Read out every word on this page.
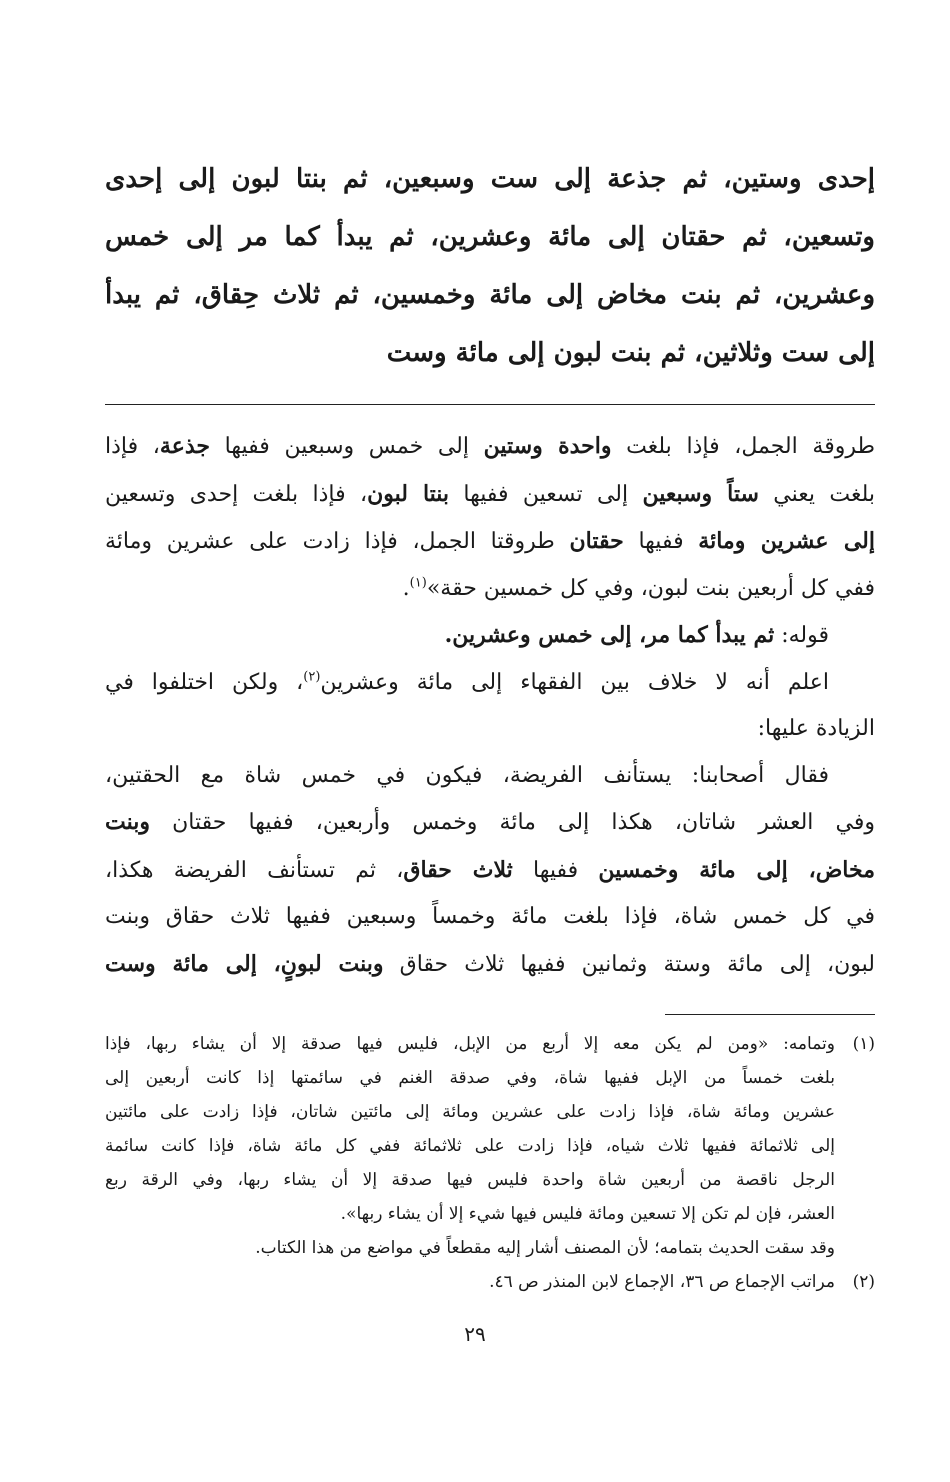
إحدى وستين، ثم جذعة إلى ست وسبعين، ثم بنتا لبون إلى إحدى
وتسعين، ثم حقتان إلى مائة وعشرين، ثم يبدأ كما مر إلى خمس
وعشرين، ثم بنت مخاض إلى مائة وخمسين، ثم ثلاث حِقاق، ثم يبدأ
إلى ست وثلاثين، ثم بنت لبون إلى مائة وست
طروقة الجمل، فإذا بلغت واحدة وستين إلى خمس وسبعين ففيها جذعة، فإذا
بلغت يعني ستاً وسبعين إلى تسعين ففيها بنتا لبون، فإذا بلغت إحدى وتسعين
إلى عشرين ومائة ففيها حقتان طروقتا الجمل، فإذا زادت على عشرين ومائة
ففي كل أربعين بنت لبون، وفي كل خمسين حقة»$^{(١)}$.
قوله: ثم يبدأ كما مر، إلى خمس وعشرين.
اعلم أنه لا خلاف بين الفقهاء إلى مائة وعشرين$^{(٢)}$، ولكن اختلفوا في
الزيادة عليها:
فقال أصحابنا: يستأنف الفريضة، فيكون في خمس شاة مع الحقتين،
وفي العشر شاتان، هكذا إلى مائة وخمس وأربعين، ففيها حقتان وبنت
مخاض، إلى مائة وخمسين ففيها ثلاث حقاق، ثم تستأنف الفريضة هكذا،
في كل خمس شاة، فإذا بلغت مائة وخمساً وسبعين ففيها ثلاث حقاق وبنت
لبون، إلى مائة وستة وثمانين ففيها ثلاث حقاق وبنت لبونٍ، إلى مائة وست
(١)
وتمامه: «ومن لم يكن معه إلا أربع من الإبل، فليس فيها صدقة إلا أن يشاء ربها، فإذا
بلغت خمساً من الإبل ففيها شاة، وفي صدقة الغنم في سائمتها إذا كانت أربعين إلى
عشرين ومائة شاة، فإذا زادت على عشرين ومائة إلى مائتين شاتان، فإذا زادت على مائتين
إلى ثلاثمائة ففيها ثلاث شياه، فإذا زادت على ثلاثمائة ففي كل مائة شاة، فإذا كانت سائمة
الرجل ناقصة من أربعين شاة واحدة فليس فيها صدقة إلا أن يشاء ربها، وفي الرقة ربع
العشر، فإن لم تكن إلا تسعين ومائة فليس فيها شيء إلا أن يشاء ربها».
وقد سقت الحديث بتمامه؛ لأن المصنف أشار إليه مقطعاً في مواضع من هذا الكتاب.
(٢)
مراتب الإجماع ص ٣٦، الإجماع لابن المنذر ص ٤٦.
٢٩
